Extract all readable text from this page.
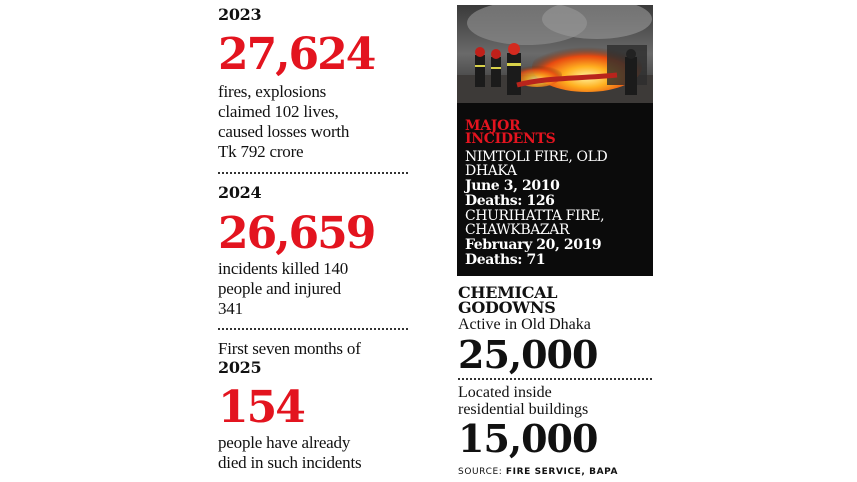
2023
27,624
fires, explosions
claimed 102 lives,
caused losses worth
Tk 792 crore
2024
26,659
incidents killed 140
people and injured
341
First seven months of
2025
154
people have already
died in such incidents
MAJOR
INCIDENTS
NIMTOLI FIRE, OLD
DHAKA
June 3, 2010
Deaths: 126
CHURIHATTA FIRE,
CHAWKBAZAR
February 20, 2019
Deaths: 71
CHEMICAL
GODOWNS
Active in Old Dhaka
25,000
Located inside
residential buildings
15,000
SOURCE: FIRE SERVICE, BAPA
